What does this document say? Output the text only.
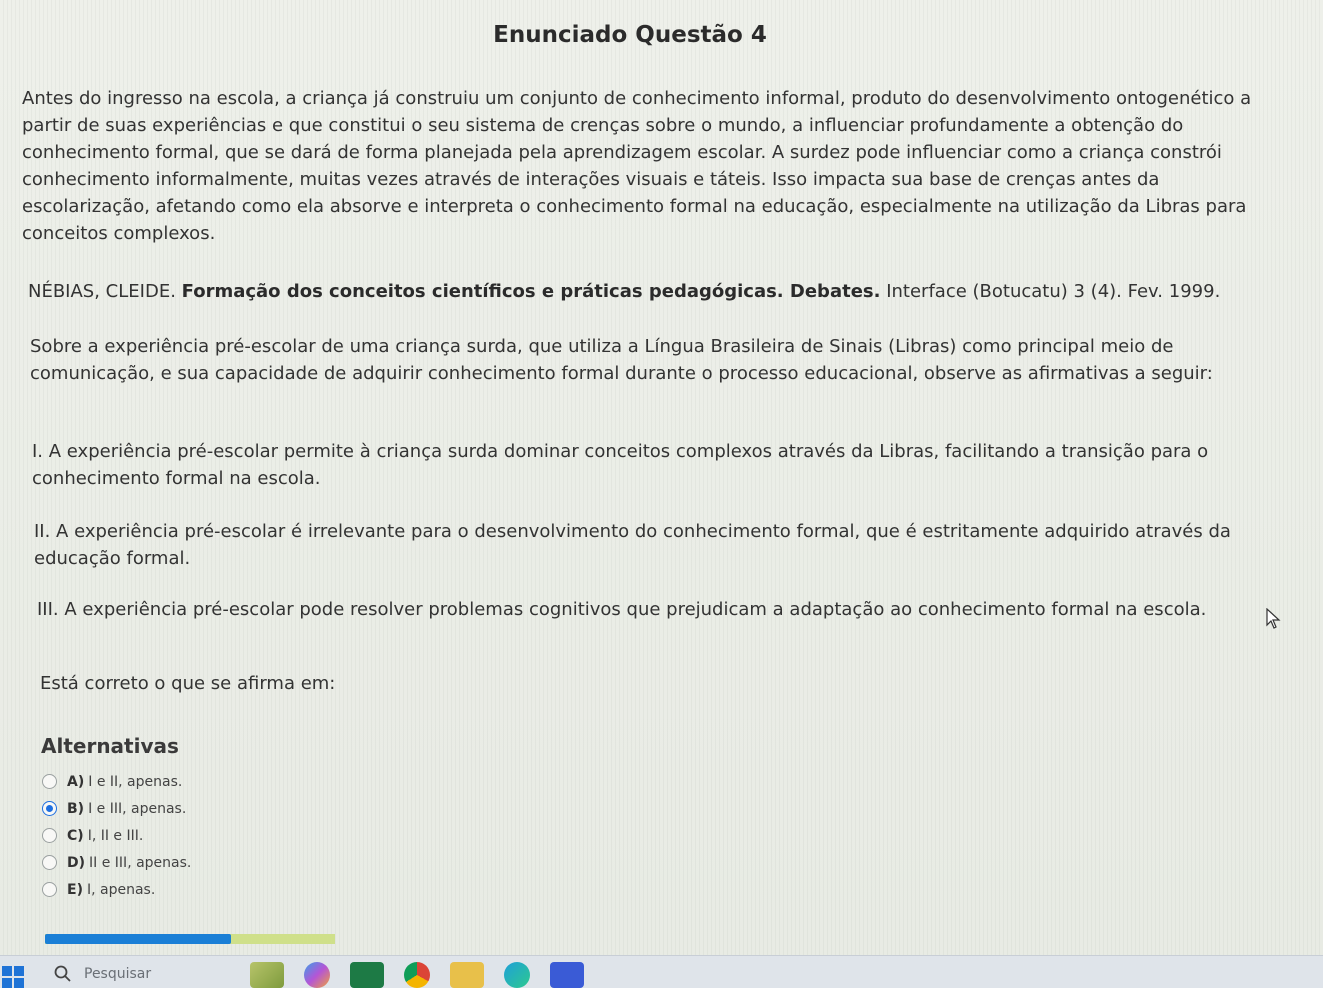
Enunciado Questão 4

Antes do ingresso na escola, a criança já construiu um conjunto de conhecimento informal, produto do desenvolvimento ontogenético a partir de suas experiências e que constitui o seu sistema de crenças sobre o mundo, a influenciar profundamente a obtenção do conhecimento formal, que se dará de forma planejada pela aprendizagem escolar. A surdez pode influenciar como a criança constrói conhecimento informalmente, muitas vezes através de interações visuais e táteis. Isso impacta sua base de crenças antes da escolarização, afetando como ela absorve e interpreta o conhecimento formal na educação, especialmente na utilização da Libras para conceitos complexos.

NÉBIAS, CLEIDE. Formação dos conceitos científicos e práticas pedagógicas. Debates. Interface (Botucatu) 3 (4). Fev. 1999.

Sobre a experiência pré-escolar de uma criança surda, que utiliza a Língua Brasileira de Sinais (Libras) como principal meio de comunicação, e sua capacidade de adquirir conhecimento formal durante o processo educacional, observe as afirmativas a seguir:

I. A experiência pré-escolar permite à criança surda dominar conceitos complexos através da Libras, facilitando a transição para o conhecimento formal na escola.

II. A experiência pré-escolar é irrelevante para o desenvolvimento do conhecimento formal, que é estritamente adquirido através da educação formal.

III. A experiência pré-escolar pode resolver problemas cognitivos que prejudicam a adaptação ao conhecimento formal na escola.

Está correto o que se afirma em:

Alternativas
A) I e II, apenas.
B) I e III, apenas.
C) I, II e III.
D) II e III, apenas.
E) I, apenas.
Pesquisar
